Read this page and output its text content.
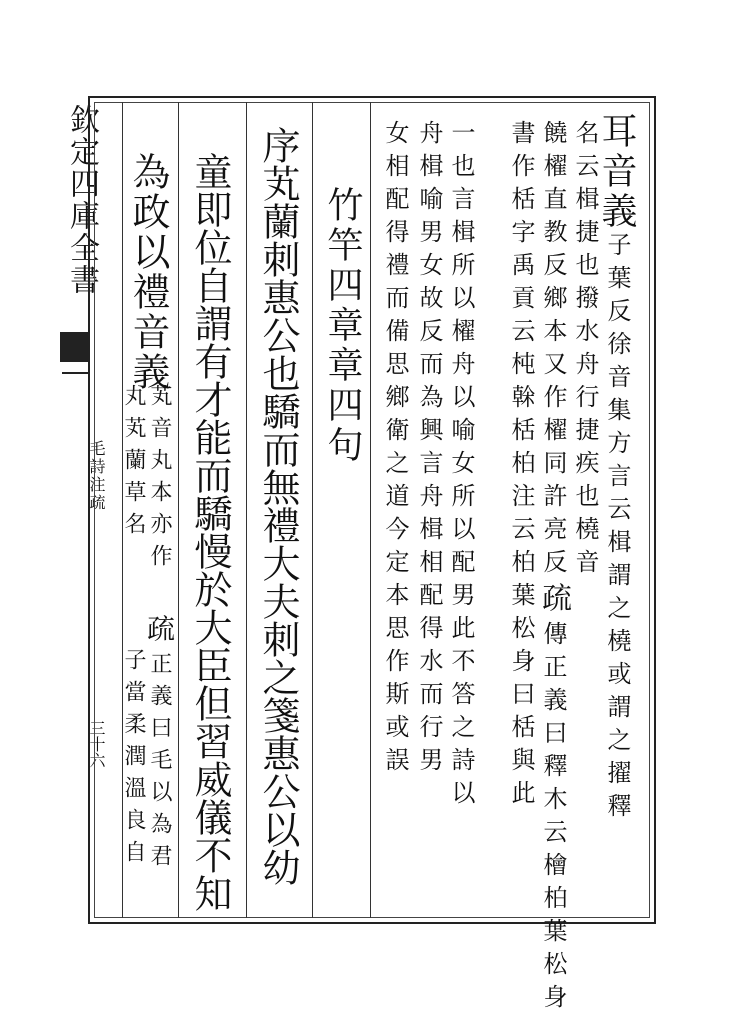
欽定四庫全書
毛詩注疏
三十六
耳音義
子葉反徐音集方言云楫謂之橈或謂之擢釋
名云楫捷也撥水舟行捷疾也橈音
饒櫂直教反鄉本又作櫂同許亮反疏傳正義曰釋木云檜柏葉松身
書作栝字禹貢云杶榦栝柏注云柏葉松身曰栝與此
一也言楫所以櫂舟以喻女所以配男此不答之詩以
舟楫喻男女故反而為興言舟楫相配得水而行男
女相配得禮而備思鄉衛之道今定本思作斯或誤
竹竿四章章四句
序芄蘭刺惠公也驕而無禮大夫刺之箋惠公以幼
童即位自謂有才能而驕慢於大臣但習威儀不知
為政以禮音義
芄音丸本亦作
丸芄蘭草名
疏正義曰毛以為君
子當柔潤溫良自
